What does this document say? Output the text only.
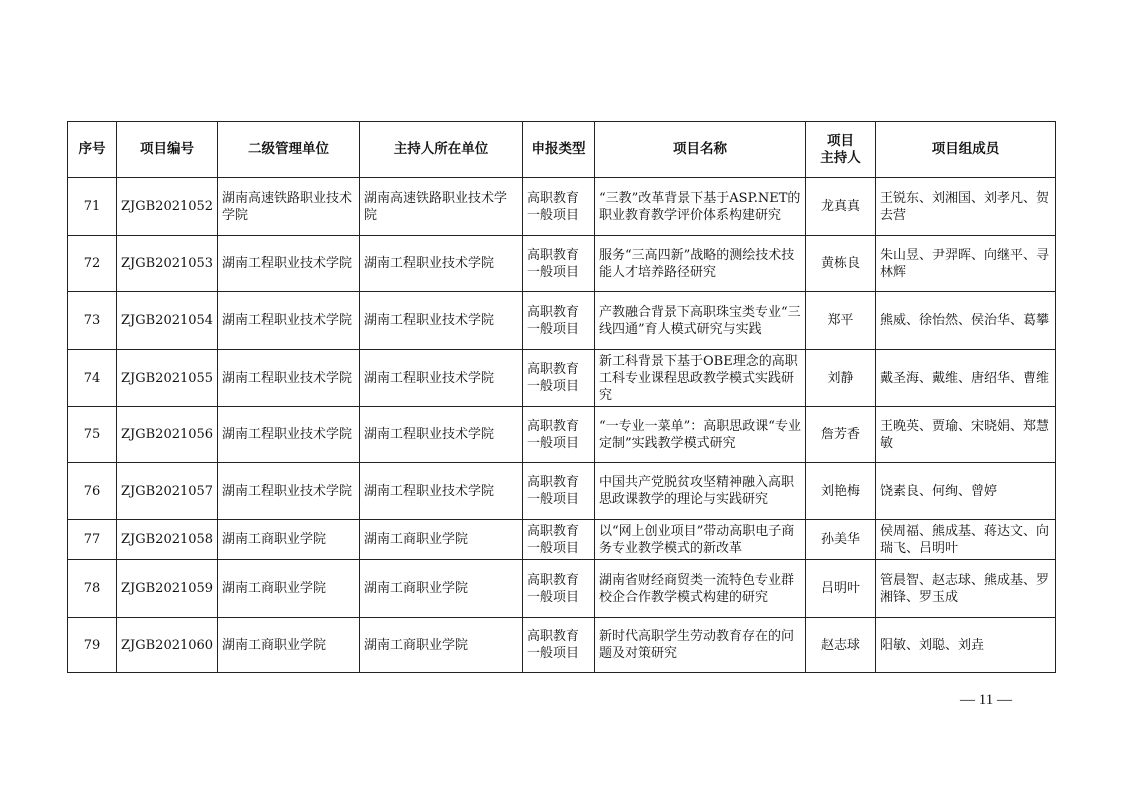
序号	项目编号	二级管理单位	主持人所在单位	申报类型	项目名称	项目
主持人	项目组成员
71	ZJGB2021052	湖南高速铁路职业技术学院	湖南高速铁路职业技术学院	高职教育一般项目	“三教”改革背景下基于ASP.NET的职业教育教学评价体系构建研究	龙真真	王锐东、刘湘国、刘孝凡、贺去营
72	ZJGB2021053	湖南工程职业技术学院	湖南工程职业技术学院	高职教育一般项目	服务“三高四新”战略的测绘技术技能人才培养路径研究	黄栋良	朱山昱、尹羿晖、向继平、寻林辉
73	ZJGB2021054	湖南工程职业技术学院	湖南工程职业技术学院	高职教育一般项目	产教融合背景下高职珠宝类专业“三线四通”育人模式研究与实践	郑平	熊威、徐怡然、侯治华、葛攀
74	ZJGB2021055	湖南工程职业技术学院	湖南工程职业技术学院	高职教育一般项目	新工科背景下基于OBE理念的高职工科专业课程思政教学模式实践研究	刘静	戴圣海、戴维、唐绍华、曹维
75	ZJGB2021056	湖南工程职业技术学院	湖南工程职业技术学院	高职教育一般项目	“一专业一菜单”：高职思政课“专业定制”实践教学模式研究	詹芳香	王晚英、贾瑜、宋晓娟、郑慧敏
76	ZJGB2021057	湖南工程职业技术学院	湖南工程职业技术学院	高职教育一般项目	中国共产党脱贫攻坚精神融入高职思政课教学的理论与实践研究	刘艳梅	饶素良、何绚、曾婷
77	ZJGB2021058	湖南工商职业学院	湖南工商职业学院	高职教育一般项目	以“网上创业项目”带动高职电子商务专业教学模式的新改革	孙美华	侯周福、熊成基、蒋达文、向瑞飞、吕明叶
78	ZJGB2021059	湖南工商职业学院	湖南工商职业学院	高职教育一般项目	湖南省财经商贸类一流特色专业群校企合作教学模式构建的研究	吕明叶	管晨智、赵志球、熊成基、罗湘锋、罗玉成
79	ZJGB2021060	湖南工商职业学院	湖南工商职业学院	高职教育一般项目	新时代高职学生劳动教育存在的问题及对策研究	赵志球	阳敏、刘聪、刘垚
— 11 —
